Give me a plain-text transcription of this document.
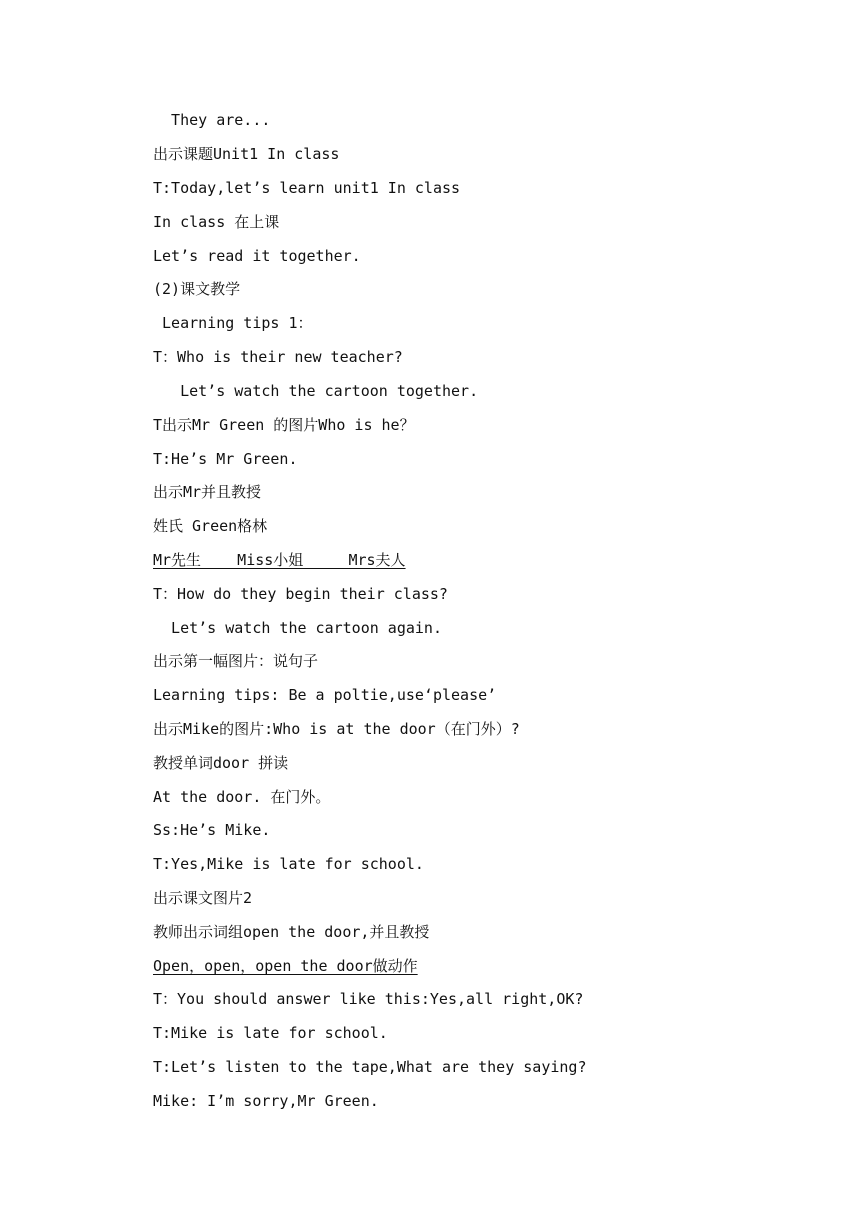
They are...
出示课题Unit1 In class
T:Today,let’s learn unit1 In class
In class 在上课
Let’s read it together.
(2)课文教学
Learning tips 1：
T：Who is their new teacher?
Let’s watch the cartoon together.
T出示Mr Green 的图片Who is he？
T:He’s Mr Green.
出示Mr并且教授
姓氏 Green格林
Mr先生    Miss小姐     Mrs夫人
T：How do they begin their class?
Let’s watch the cartoon again.
出示第一幅图片：说句子
Learning tips: Be a poltie,use‘please’
出示Mike的图片:Who is at the door（在门外）?
教授单词door 拼读
At the door. 在门外。
Ss:He’s Mike.
T:Yes,Mike is late for school.
出示课文图片2
教师出示词组open the door,并且教授
Open，open，open the door做动作
T：You should answer like this:Yes,all right,OK?
T:Mike is late for school.
T:Let’s listen to the tape,What are they saying?
Mike: I’m sorry,Mr Green.
